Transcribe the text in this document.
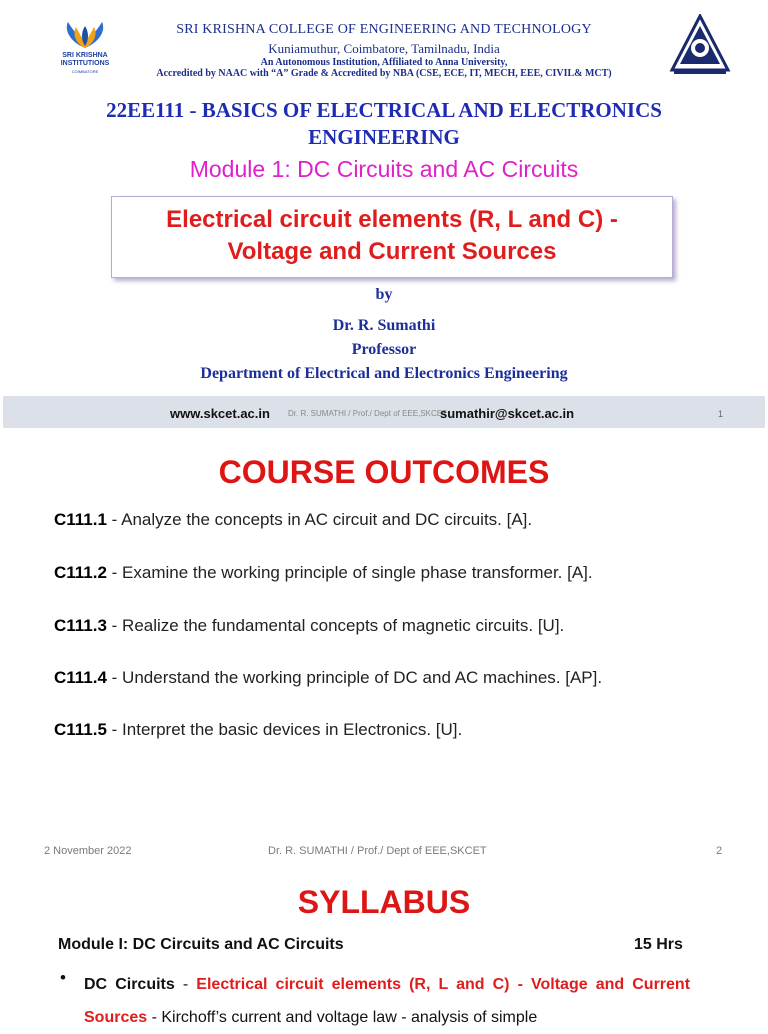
SRI KRISHNA INSTITUTIONS
COIMBATORE
SRI KRISHNA COLLEGE OF ENGINEERING AND TECHNOLOGY
Kuniamuthur, Coimbatore, Tamilnadu, India
An Autonomous Institution, Affiliated to Anna University,
Accredited by NAAC with “A” Grade & Accredited by NBA (CSE, ECE, IT, MECH, EEE, CIVIL& MCT)
22EE111 - BASICS OF ELECTRICAL AND ELECTRONICS
ENGINEERING
Module 1: DC Circuits and AC Circuits
Electrical circuit elements (R, L and C) -
Voltage and Current Sources
by
Dr. R. Sumathi
Professor
Department of Electrical and Electronics Engineering
Dr. R. SUMATHI / Prof./ Dept of EEE,SKCET
www.skcet.ac.in	sumathir@skcet.ac.in	1
COURSE OUTCOMES
C111.1 - Analyze the concepts in AC circuit and DC circuits. [A].
C111.2 - Examine the working principle of single phase transformer. [A].
C111.3 - Realize the fundamental concepts of magnetic circuits. [U].
C111.4 - Understand the working principle of DC and AC machines. [AP].
C111.5 - Interpret the basic devices in Electronics. [U].
2 November 2022	Dr. R. SUMATHI / Prof./ Dept of EEE,SKCET	2
SYLLABUS
Module I: DC Circuits and AC Circuits	15 Hrs
• DC Circuits - Electrical circuit elements (R, L and C) - Voltage and Current Sources - Kirchoff’s current and voltage law - analysis of simple
